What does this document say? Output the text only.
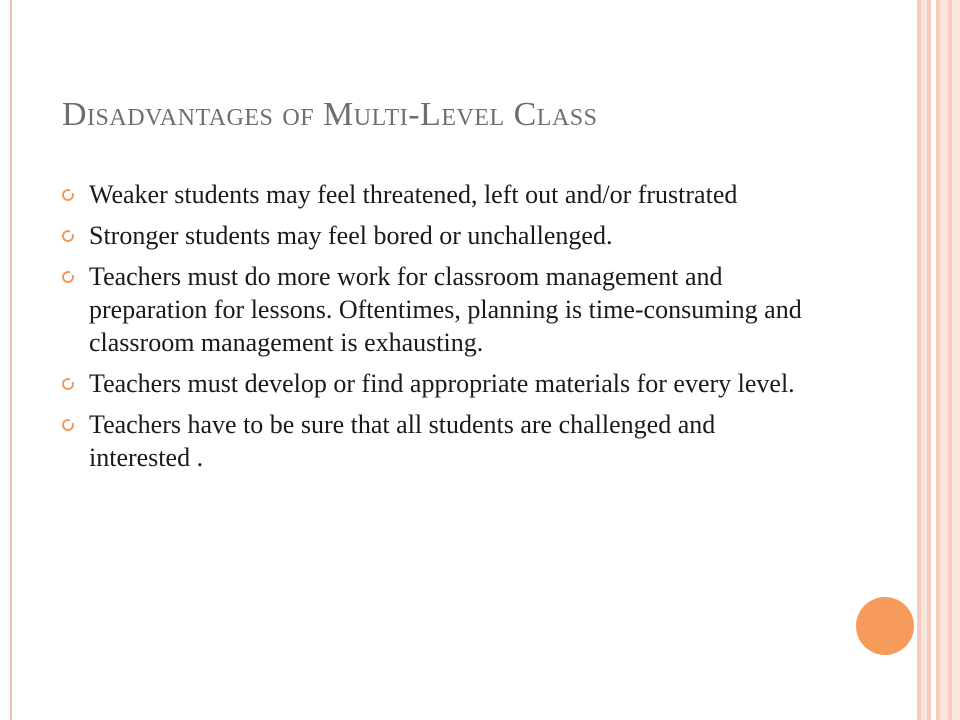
Disadvantages of Multi-Level Class
Weaker students may feel threatened, left out and/or frustrated
Stronger students may feel bored or unchallenged.
Teachers must do more work for classroom management and preparation for lessons. Oftentimes, planning is time-consuming and classroom management is exhausting.
Teachers must develop or find appropriate materials for every level.
Teachers have to be sure that all students are challenged and interested .
